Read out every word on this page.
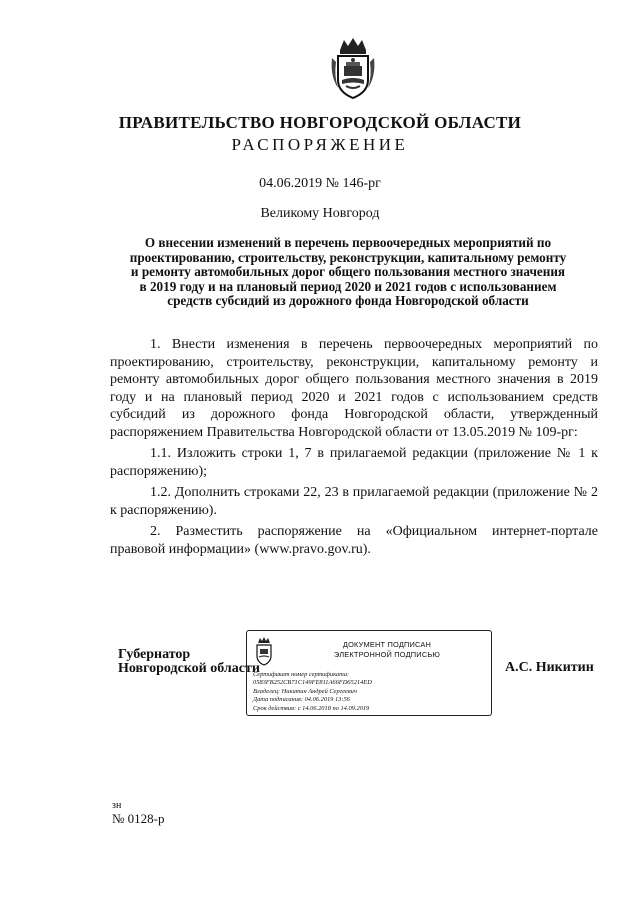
ПРАВИТЕЛЬСТВО НОВГОРОДСКОЙ ОБЛАСТИ
РАСПОРЯЖЕНИЕ
04.06.2019 № 146-рг
Великому Новгород
О внесении изменений в перечень первоочередных мероприятий по
проектированию, строительству, реконструкции, капитальному ремонту
и ремонту автомобильных дорог общего пользования местного значения
в 2019 году и на плановый период 2020 и 2021 годов с использованием
средств субсидий из дорожного фонда Новгородской области

1. Внести изменения в перечень первоочередных мероприятий по проектированию, строительству, реконструкции, капитальному ремонту и ремонту автомобильных дорог общего пользования местного значения в 2019 году и на плановый период 2020 и 2021 годов с использованием средств субсидий из дорожного фонда Новгородской области, утвержденный распоряжением Правительства Новгородской области от 13.05.2019 № 109-рг:

1.1. Изложить строки 1, 7 в прилагаемой редакции (приложение № 1 к распоряжению);

1.2. Дополнить строками 22, 23 в прилагаемой редакции (приложение № 2 к распоряжению).

2. Разместить распоряжение на «Официальном интернет-портале правовой информации» (www.pravo.gov.ru).

Губернатор
Новгородской области
ДОКУМЕНТ ПОДПИСАН
ЭЛЕКТРОННОЙ ПОДПИСЬЮ
Сертификат номер сертификата:
0583FB252CB71C149FE811A66FD65214ED
Владелец: Никитин Андрей Сергеевич
Дата подписания: 04.06.2019 13:56
Срок действия: с 14.06.2018 по 14.09.2019
А.С. Никитин
зн
№ 0128-р
